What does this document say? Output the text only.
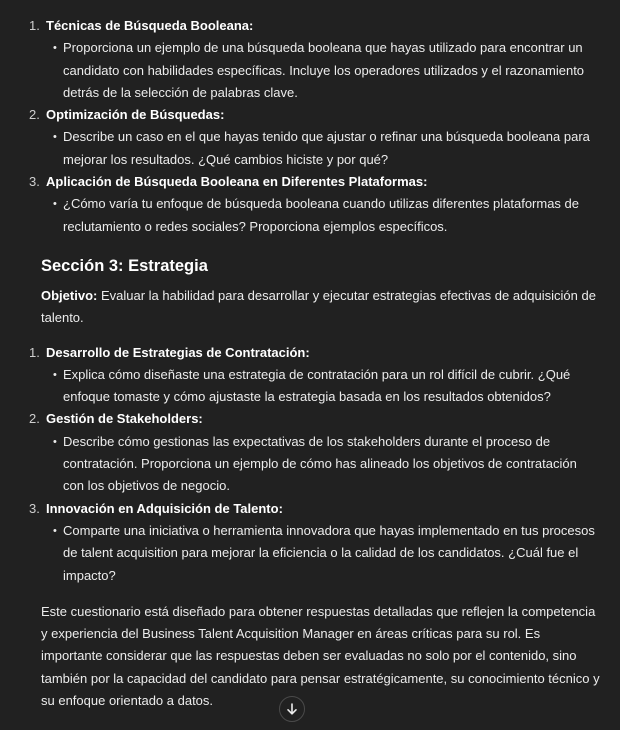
1. Técnicas de Búsqueda Booleana:
• Proporciona un ejemplo de una búsqueda booleana que hayas utilizado para encontrar un candidato con habilidades específicas. Incluye los operadores utilizados y el razonamiento detrás de la selección de palabras clave.
2. Optimización de Búsquedas:
• Describe un caso en el que hayas tenido que ajustar o refinar una búsqueda booleana para mejorar los resultados. ¿Qué cambios hiciste y por qué?
3. Aplicación de Búsqueda Booleana en Diferentes Plataformas:
• ¿Cómo varía tu enfoque de búsqueda booleana cuando utilizas diferentes plataformas de reclutamiento o redes sociales? Proporciona ejemplos específicos.
Sección 3: Estrategia
Objetivo: Evaluar la habilidad para desarrollar y ejecutar estrategias efectivas de adquisición de talento.
1. Desarrollo de Estrategias de Contratación:
• Explica cómo diseñaste una estrategia de contratación para un rol difícil de cubrir. ¿Qué enfoque tomaste y cómo ajustaste la estrategia basada en los resultados obtenidos?
2. Gestión de Stakeholders:
• Describe cómo gestionas las expectativas de los stakeholders durante el proceso de contratación. Proporciona un ejemplo de cómo has alineado los objetivos de contratación con los objetivos de negocio.
3. Innovación en Adquisición de Talento:
• Comparte una iniciativa o herramienta innovadora que hayas implementado en tus procesos de talent acquisition para mejorar la eficiencia o la calidad de los candidatos. ¿Cuál fue el impacto?
Este cuestionario está diseñado para obtener respuestas detalladas que reflejen la competencia y experiencia del Business Talent Acquisition Manager en áreas críticas para su rol. Es importante considerar que las respuestas deben ser evaluadas no solo por el contenido, sino también por la capacidad del candidato para pensar estratégicamente, su conocimiento técnico y su enfoque orientado a datos.
